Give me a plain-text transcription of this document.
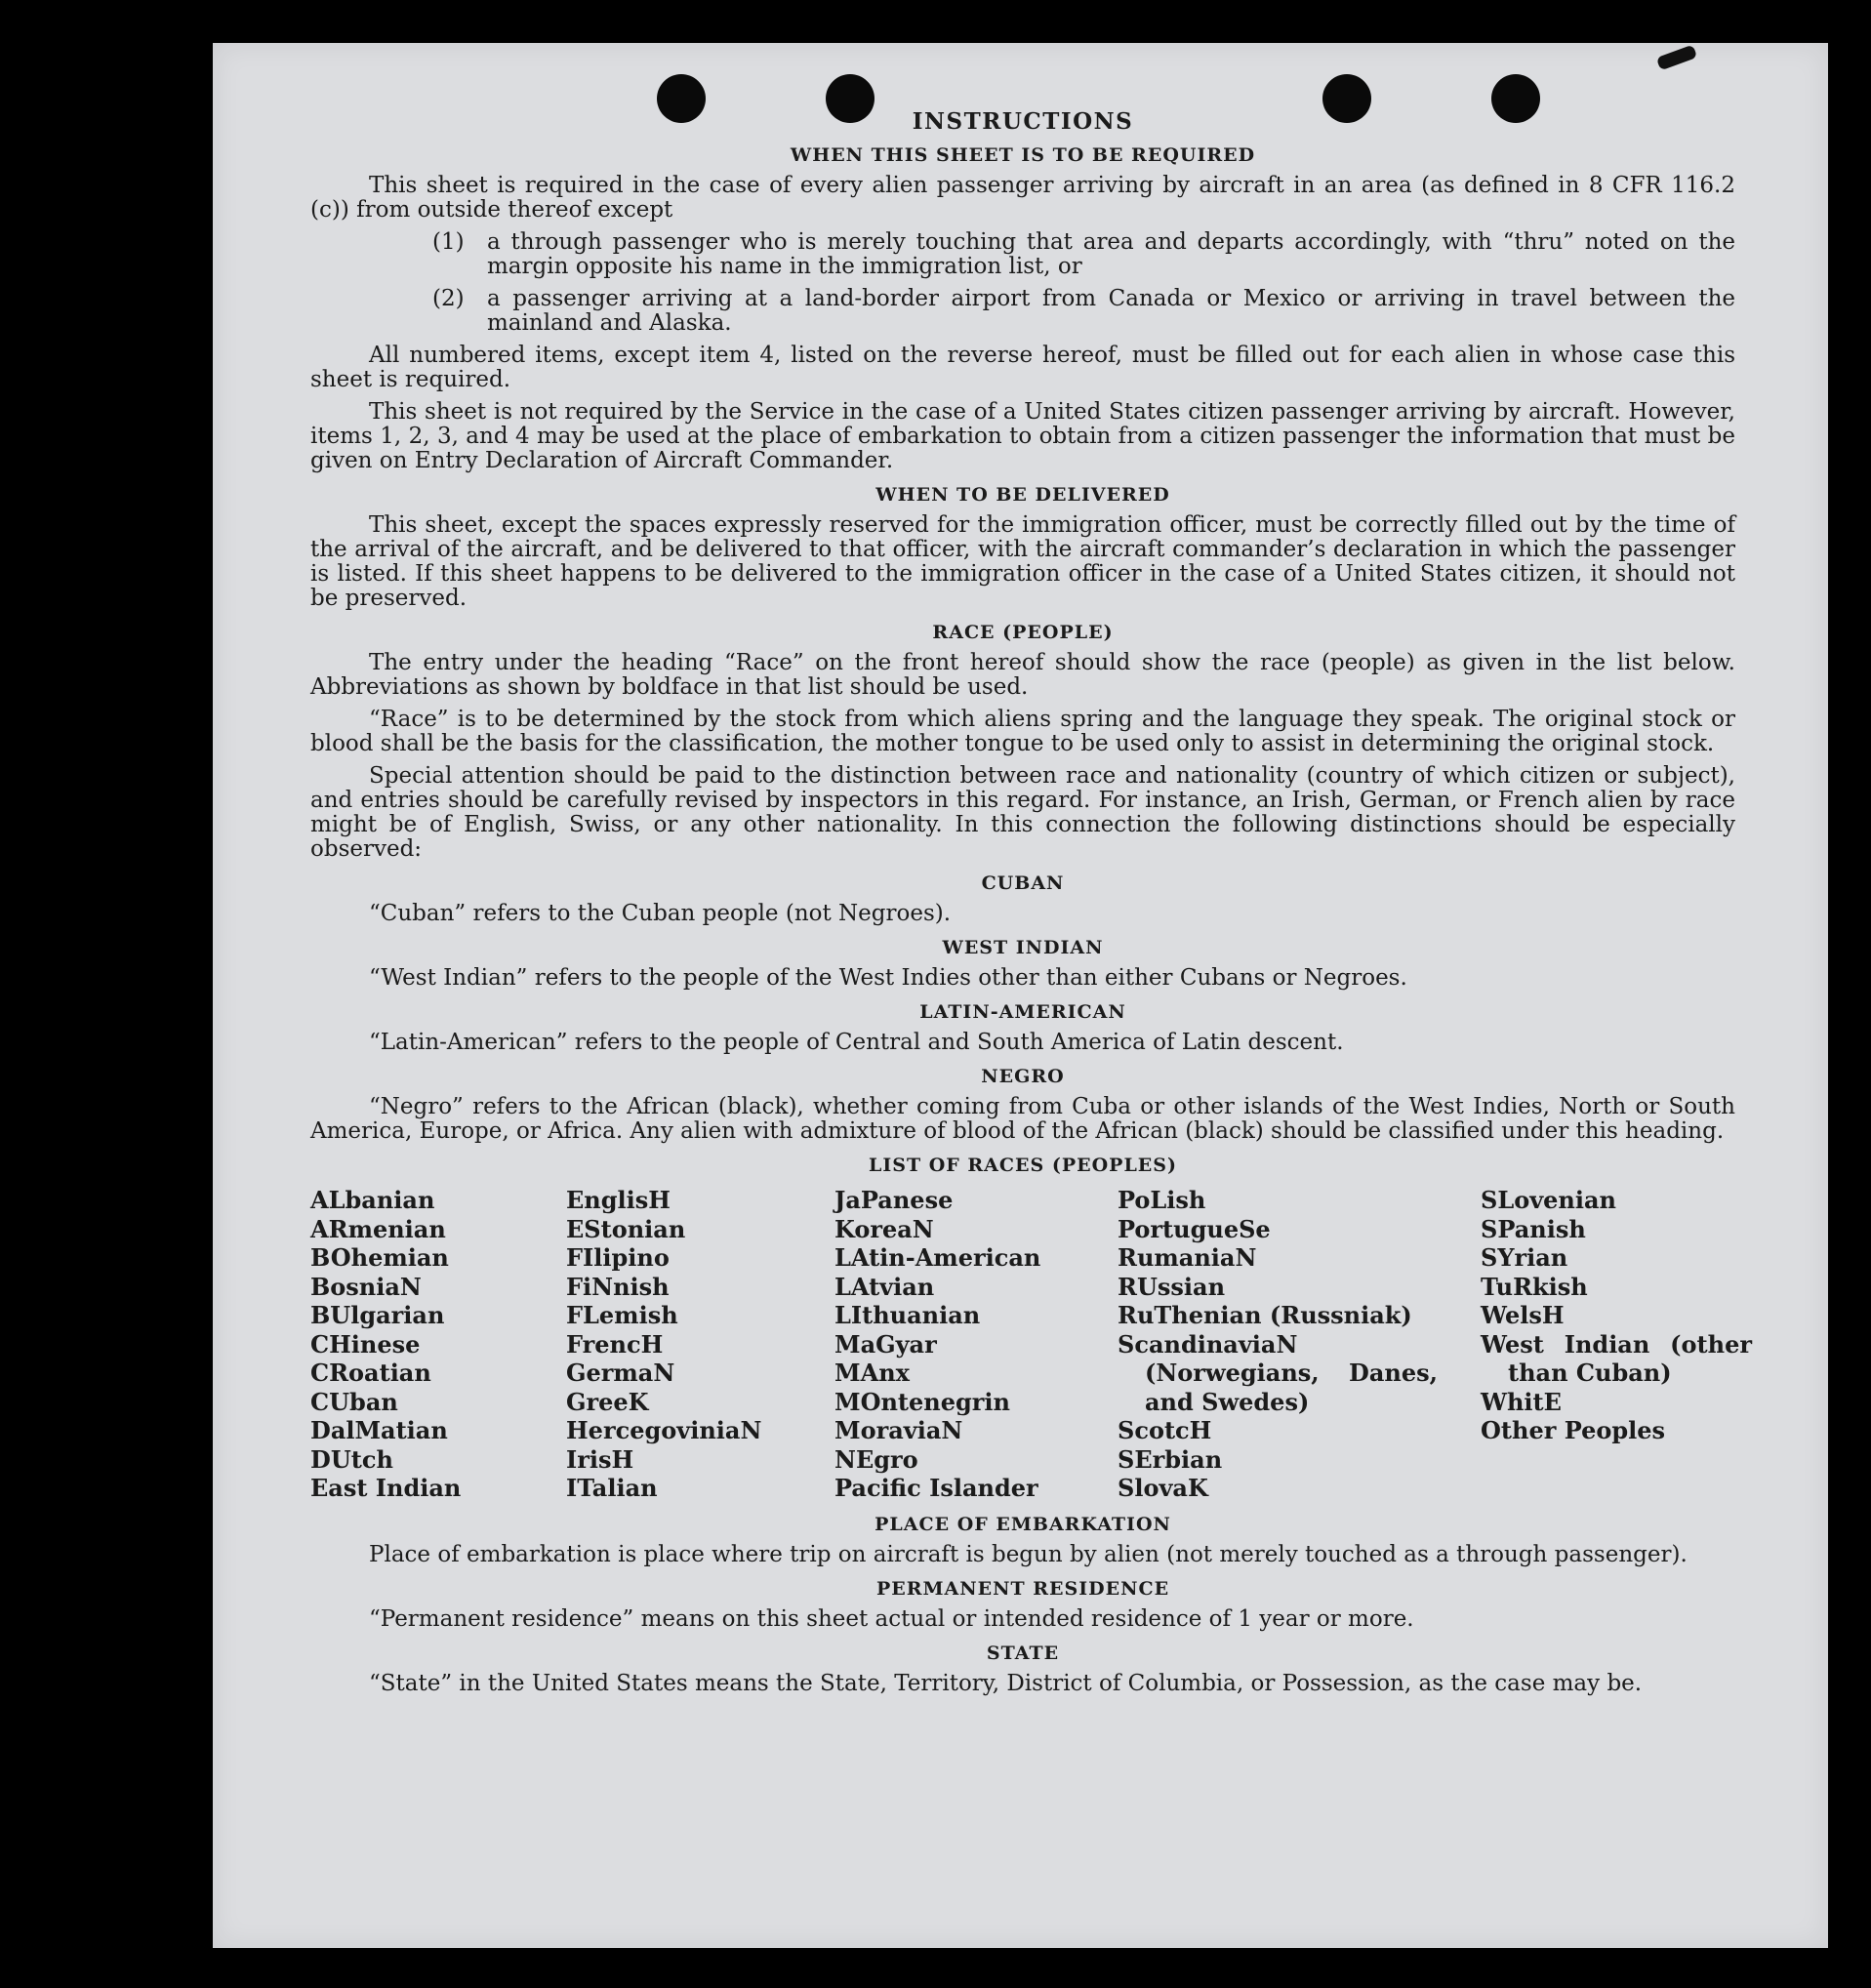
INSTRUCTIONS
WHEN THIS SHEET IS TO BE REQUIRED

This sheet is required in the case of every alien passenger arriving by aircraft in an area (as defined in 8 CFR 116.2 (c)) from outside thereof except

(1)	a through passenger who is merely touching that area and departs accordingly, with “thru” noted on the margin opposite his name in the immigration list, or
(2)	a passenger arriving at a land-border airport from Canada or Mexico or arriving in travel between the mainland and Alaska.

All numbered items, except item 4, listed on the reverse hereof, must be filled out for each alien in whose case this sheet is required.

This sheet is not required by the Service in the case of a United States citizen passenger arriving by aircraft. However, items 1, 2, 3, and 4 may be used at the place of embarkation to obtain from a citizen passenger the information that must be given on Entry Declaration of Aircraft Commander.

WHEN TO BE DELIVERED

This sheet, except the spaces expressly reserved for the immigration officer, must be correctly filled out by the time of the arrival of the aircraft, and be delivered to that officer, with the aircraft commander’s declaration in which the passenger is listed. If this sheet happens to be delivered to the immigration officer in the case of a United States citizen, it should not be preserved.

RACE (PEOPLE)

The entry under the heading “Race” on the front hereof should show the race (people) as given in the list below. Abbreviations as shown by boldface in that list should be used.

“Race” is to be determined by the stock from which aliens spring and the language they speak. The original stock or blood shall be the basis for the classification, the mother tongue to be used only to assist in determining the original stock.

Special attention should be paid to the distinction between race and nationality (country of which citizen or subject), and entries should be carefully revised by inspectors in this regard. For instance, an Irish, German, or French alien by race might be of English, Swiss, or any other nationality. In this connection the following distinctions should be especially observed:

CUBAN
“Cuban” refers to the Cuban people (not Negroes).
WEST INDIAN
“West Indian” refers to the people of the West Indies other than either Cubans or Negroes.
LATIN-AMERICAN
“Latin-American” refers to the people of Central and South America of Latin descent.
NEGRO

“Negro” refers to the African (black), whether coming from Cuba or other islands of the West Indies, North or South America, Europe, or Africa. Any alien with admixture of blood of the African (black) should be classified under this heading.

LIST OF RACES (PEOPLES)
ALbanian
ARmenian
BOhemian
BosniaN
BUlgarian
CHinese
CRoatian
CUban
DalMatian
DUtch
East Indian
EnglisH
EStonian
FIlipino
FiNnish
FLemish
FrencH
GermaN
GreeK
HercegoviniaN
IrisH
ITalian
JaPanese
KoreaN
LAtin-American
LAtvian
LIthuanian
MaGyar
MAnx
MOntenegrin
MoraviaN
NEgro
Pacific Islander
PoLish
PortugueSe
RumaniaN
RUssian
RuThenian (Russniak)
ScandinaviaN (Norwegians, Danes, and Swedes)
ScotcH
SErbian
SlovaK
SLovenian
SPanish
SYrian
TuRkish
WelsH
West Indian (other than Cuban)
WhitE
Other Peoples
PLACE OF EMBARKATION

Place of embarkation is place where trip on aircraft is begun by alien (not merely touched as a through passenger).

PERMANENT RESIDENCE
“Permanent residence” means on this sheet actual or intended residence of 1 year or more.
STATE

“State” in the United States means the State, Territory, District of Columbia, or Possession, as the case may be.
